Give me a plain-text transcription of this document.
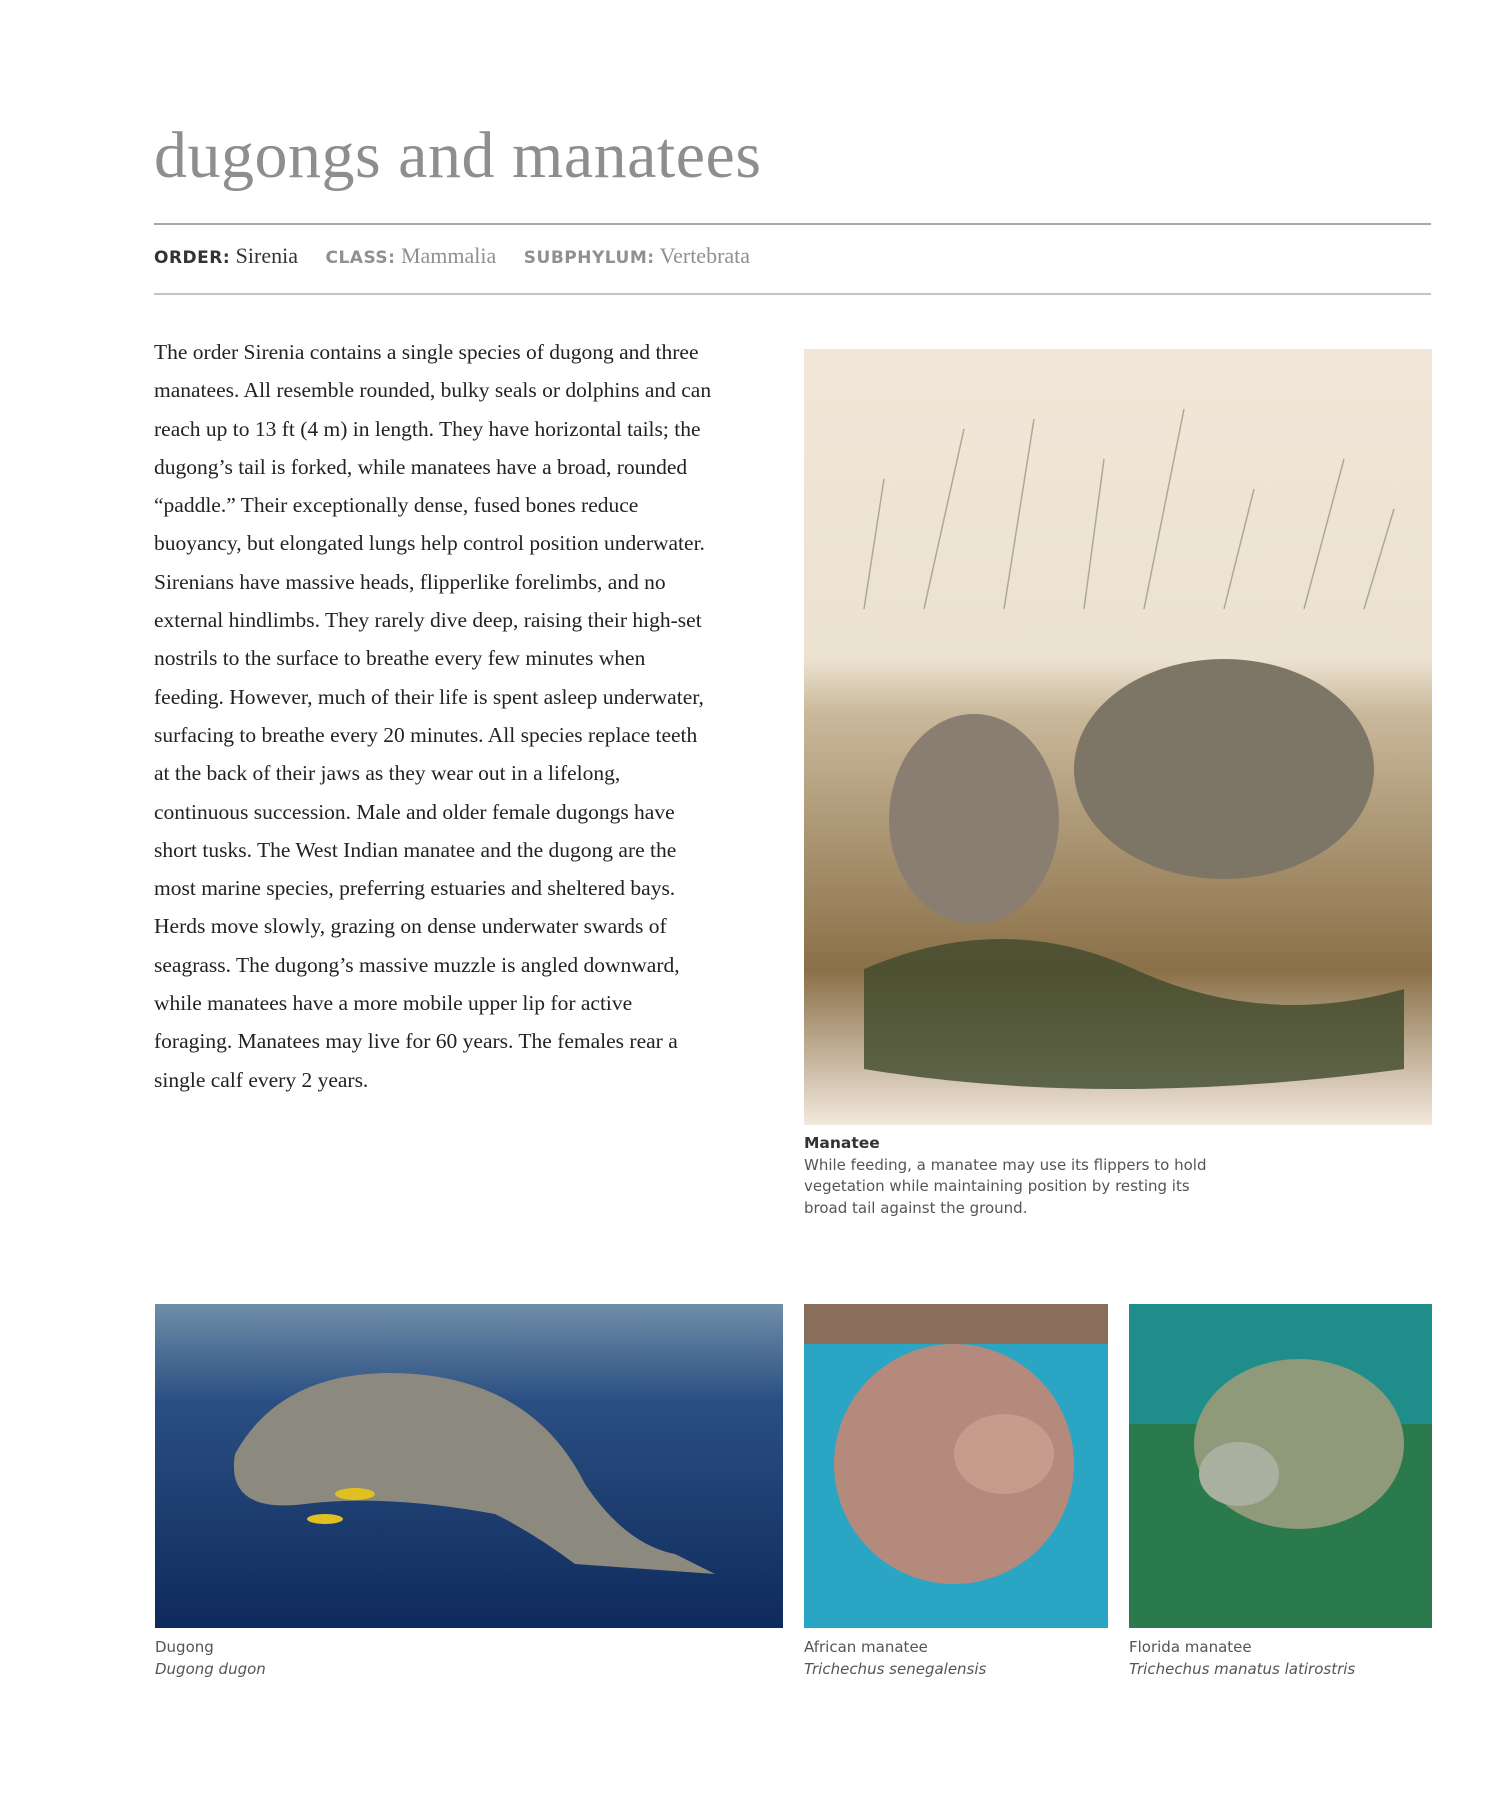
dugongs and manatees
ORDER: Sirenia CLASS: Mammalia SUBPHYLUM: Vertebrata

The order Sirenia contains a single species of dugong and three manatees. All resemble rounded, bulky seals or dolphins and can reach up to 13 ft (4 m) in length. They have horizontal tails; the dugong’s tail is forked, while manatees have a broad, rounded “paddle.” Their exceptionally dense, fused bones reduce buoyancy, but elongated lungs help control position underwater. Sirenians have massive heads, flipperlike forelimbs, and no external hindlimbs. They rarely dive deep, raising their high-set nostrils to the surface to breathe every few minutes when feeding. However, much of their life is spent asleep underwater, surfacing to breathe every 20 minutes. All species replace teeth at the back of their jaws as they wear out in a lifelong, continuous succession. Male and older female dugongs have short tusks. The West Indian manatee and the dugong are the most marine species, preferring estuaries and sheltered bays. Herds move slowly, grazing on dense underwater swards of seagrass. The dugong’s massive muzzle is angled downward, while manatees have a more mobile upper lip for active foraging. Manatees may live for 60 years. The females rear a single calf every 2 years.

Manatee
While feeding, a manatee may use its flippers to hold vegetation while maintaining position by resting its broad tail against the ground.
Dugong
Dugong dugon
African manatee
Trichechus senegalensis
Florida manatee
Trichechus manatus latirostris
